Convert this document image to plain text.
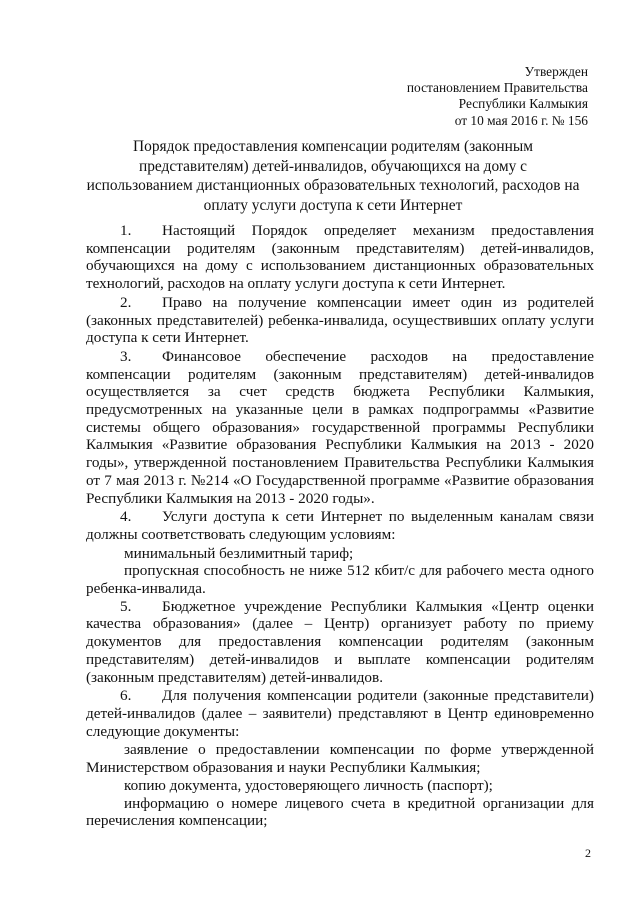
Утвержден
постановлением Правительства
Республики Калмыкия
от 10 мая 2016 г. № 156
Порядок предоставления компенсации родителям (законным представителям) детей-инвалидов, обучающихся на дому с использованием дистанционных образовательных технологий, расходов на оплату услуги доступа к сети Интернет

1. Настоящий Порядок определяет механизм предоставления компенсации родителям (законным представителям) детей-инвалидов, обучающихся на дому с использованием дистанционных образовательных технологий, расходов на оплату услуги доступа к сети Интернет.

2. Право на получение компенсации имеет один из родителей (законных представителей) ребенка-инвалида, осуществивших оплату услуги доступа к сети Интернет.

3. Финансовое обеспечение расходов на предоставление компенсации родителям (законным представителям) детей-инвалидов осуществляется за счет средств бюджета Республики Калмыкия, предусмотренных на указанные цели в рамках подпрограммы «Развитие системы общего образования» государственной программы Республики Калмыкия «Развитие образования Республики Калмыкия на 2013 - 2020 годы», утвержденной постановлением Правительства Республики Калмыкия от 7 мая 2013 г. №214 «О Государственной программе «Развитие образования Республики Калмыкия на 2013 - 2020 годы».

4. Услуги доступа к сети Интернет по выделенным каналам связи должны соответствовать следующим условиям:

минимальный безлимитный тариф;

пропускная способность не ниже 512 кбит/с для рабочего места одного ребенка-инвалида.

5. Бюджетное учреждение Республики Калмыкия «Центр оценки качества образования» (далее – Центр) организует работу по приему документов для предоставления компенсации родителям (законным представителям) детей-инвалидов и выплате компенсации родителям (законным представителям) детей-инвалидов.

6. Для получения компенсации родители (законные представители) детей-инвалидов (далее – заявители) представляют в Центр единовременно следующие документы:

заявление о предоставлении компенсации по форме утвержденной Министерством образования и науки Республики Калмыкия;

копию документа, удостоверяющего личность (паспорт);

информацию о номере лицевого счета в кредитной организации для перечисления компенсации;

2
